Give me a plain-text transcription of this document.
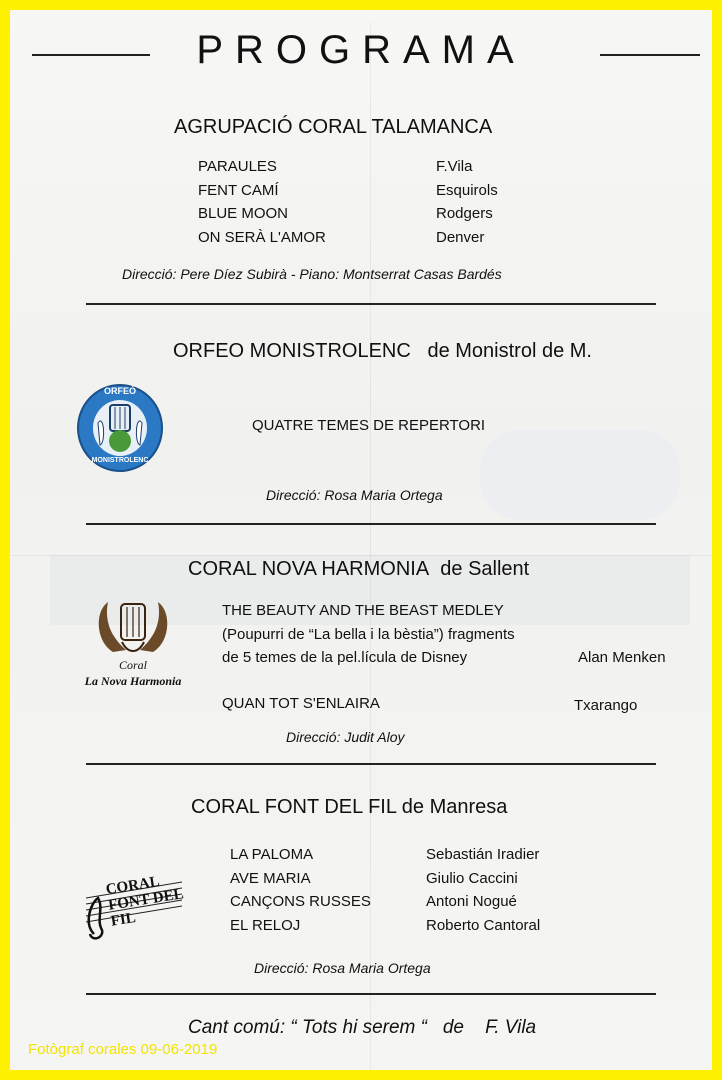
PROGRAMA
AGRUPACIÓ CORAL TALAMANCA
PARAULES
FENT CAMÍ
BLUE MOON
ON SERÀ L'AMOR
F.Vila
Esquirols
Rodgers
Denver
Direcció: Pere Díez Subirà - Piano: Montserrat Casas Bardés
ORFEO MONISTROLENC de Monistrol de M.
ORFEÓ
MONISTROLENC
QUATRE TEMES DE REPERTORI
Direcció: Rosa Maria Ortega
CORAL NOVA HARMONIA de Sallent
Coral
La Nova Harmonia
THE BEAUTY AND THE BEAST MEDLEY
(Poupurri de “La bella i la bèstia”) fragments
de 5 temes de la pel.lícula de Disney	Alan Menken
QUAN TOT S'ENLAIRA	Txarango
Direcció: Judit Aloy
CORAL FONT DEL FIL de Manresa
CORAL FONT DEL FIL
LA PALOMA
AVE MARIA
CANÇONS RUSSES
EL RELOJ
Sebastián Iradier
Giulio Caccini
Antoni Nogué
Roberto Cantoral
Direcció: Rosa Maria Ortega
Cant comú: “ Tots hi serem “   de    F. Vila
Fotògraf corales 09-06-2019
